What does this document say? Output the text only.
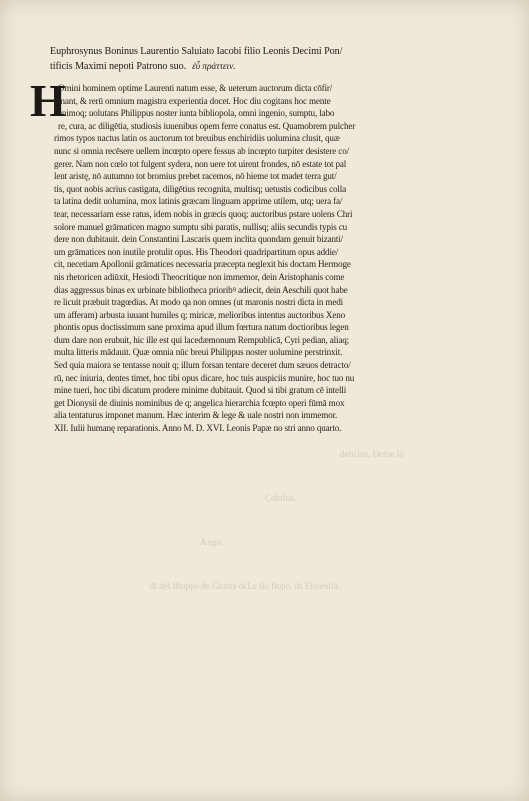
Euphrosynus Boninus Laurentio Saluiato Iacobi filio Leonis Decimi Pon/
tificis Maximi nepoti Patrono suo. ἐὖ πράττειν.
H
Omini hominem optime Laurenti natum esse, & ueterum auctorum dicta cōfir/
mant, & rerū omnium magistra experientia docet. Hoc diu cogitans hoc mente
animoq; uolutans Philippus noster iunta bibliopola, omni ingenio, sumptu, labo
re, cura, ac diligētia, studiosis iuuenibus opem ferre conatus est. Quamobrem pulcher
rimos typos nactus latin os auctorum tot breuibus enchiridiis uolumina clusit, quæ
nunc si omnia recēsere uellem incœpto opere fessus ab incœpto turpiter desistere co/
gerer. Nam non cœlo tot fulgent sydera, non uere tot uirent frondes, nō estate tot pal
lent aristę, nō autumno tot bromius prebet racemos, nō hieme tot madet terra gut/
tis, quot nobis acrius castigata, diligētius recognita, multisq; uetustis codicibus colla
ta latina dedit uolumina, mox latinis græcam linguam apprime utilem, utq; uera fa/
tear, necessariam esse ratus, idem nobis in græcis quoq; auctoribus pstare uolens Chri
solore manuel grāmaticen magno sumptu sibi paratis, nullisq; aliis secundis typis cu
dere non dubitauit. dein Constantini Lascaris quem inclita quondam genuit bizanti/
um grāmatices non inutile protulit opus. His Theodori quadripartitum opus addie/
cit, necetiam Apollonii grāmatices necessaria præcepta neglexit his doctam Hermoge
nis rhetoricen adiūxit, Hesiodi Theocritique non immemor, dein Aristophanis come
dias aggressus binas ex urbinate bibliotheca prioribꝰ adiecit, dein Aeschili quot habe
re licuit præbuit tragœdias. At modo qa non omnes (ut maronis nostri dicta in medi
um afferam) arbusta iuuant humiles q; miricæ, melioribus intentus auctoribus Xeno
phontis opus doctissimum sane proxima apud illum fœrtura natum doctioribus legen
dum dare non erubuit, hic ille est qui lacedæmonum Rempublicā, Cyri pedian, aliaq;
multa litteris mādauit. Quæ omnia nūc breui Philippus noster uolumine perstrinxit.
Sed quia maiora se tentasse nouit q; illum forsan tentare deceret dum sæuos detracto/
rū, nec iniuria, dentes timet, hoc tibi opus dicare, hoc tuis auspiciis munire, hoc tuo nu
mine tueri, hoc tibi dicatum prodere minime dubitauit. Quod si tibi gratum cē intelli
get Dionysii de diuinis nominibus de q; angelica hierarchia fcœpto operi fūmā mox
alia tentaturus imponet manum. Hæc interim & lege & uale nostri non immemor.
XII. Iulii humanę reparationis. Anno M. D. XVI. Leonis Papæ no stri anno quarto.
delicius, Derue lo
Colofon.
A ego.
dī del Ifiuppo de Giunta dcLe fio fiopo. ds Florentiā.
